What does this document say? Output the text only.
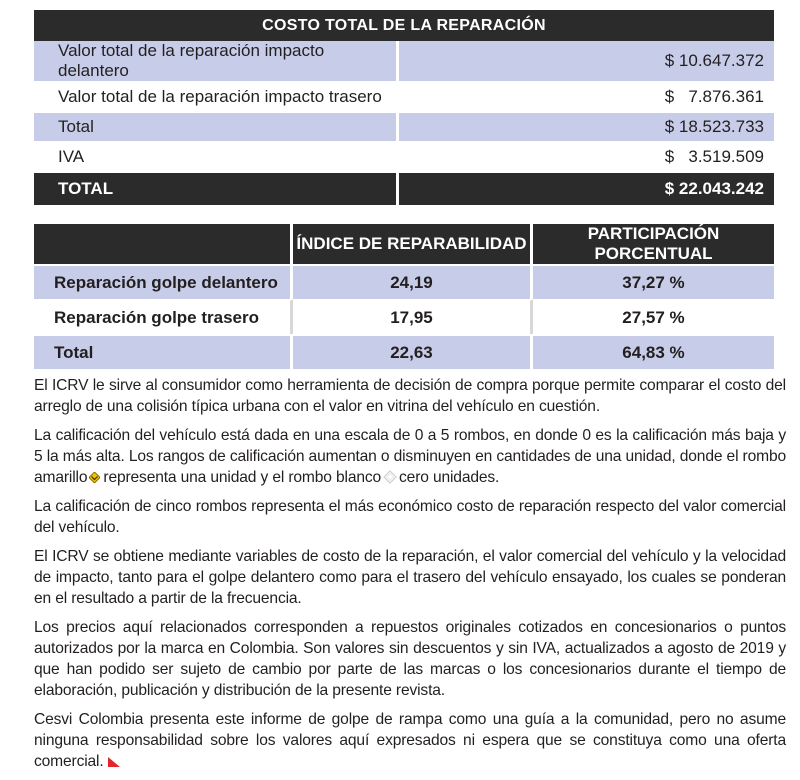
COSTO TOTAL DE LA REPARACIÓN	
Valor total de la reparación impacto delantero	$ 10.647.372
Valor total de la reparación impacto trasero	$   7.876.361
Total	$ 18.523.733
IVA	$   3.519.509
TOTAL	$ 22.043.242
	ÍNDICE DE REPARABILIDAD	PARTICIPACIÓN PORCENTUAL
Reparación golpe delantero	24,19	37,27 %
Reparación golpe trasero	17,95	27,57 %
Total	22,63	64,83 %

El ICRV le sirve al consumidor como herramienta de decisión de compra porque permite comparar el costo del arreglo de una colisión típica urbana con el valor en vitrina del vehículo en cuestión.

La calificación del vehículo está dada en una escala de 0 a 5 rombos, en donde 0 es la calificación más baja y 5 la más alta. Los rangos de calificación aumentan o disminuyen en cantidades de una unidad, donde el rombo amarillo representa una unidad y el rombo blanco cero unidades.

La calificación de cinco rombos representa el más económico costo de reparación respecto del valor comercial del vehículo.

El ICRV se obtiene mediante variables de costo de la reparación, el valor comercial del vehículo y la velocidad de impacto, tanto para el golpe delantero como para el trasero del vehículo ensayado, los cuales se ponderan en el resultado a partir de la frecuencia.

Los precios aquí relacionados corresponden a repuestos originales cotizados en concesionarios o puntos autorizados por la marca en Colombia. Son valores sin descuentos y sin IVA, actualizados a agosto de 2019 y que han podido ser sujeto de cambio por parte de las marcas o los concesionarios durante el tiempo de elaboración, publicación y distribución de la presente revista.

Cesvi Colombia presenta este informe de golpe de rampa como una guía a la comunidad, pero no asume ninguna responsabilidad sobre los valores aquí expresados ni espera que se constituya como una oferta comercial.
